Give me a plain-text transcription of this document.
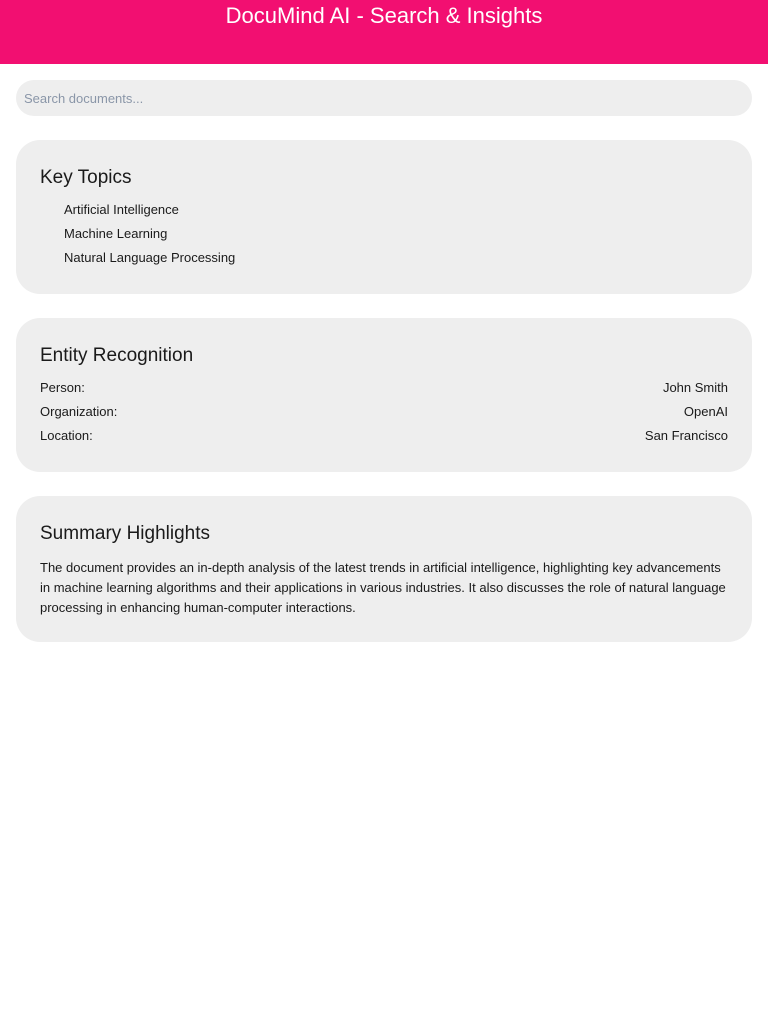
DocuMind AI - Search & Insights
Search documents...
Key Topics
Artificial Intelligence
Machine Learning
Natural Language Processing
Entity Recognition
Person:	John Smith
Organization:	OpenAI
Location:	San Francisco
Summary Highlights

The document provides an in-depth analysis of the latest trends in artificial intelligence, highlighting key advancements in machine learning algorithms and their applications in various industries. It also discusses the role of natural language processing in enhancing human-computer interactions.
